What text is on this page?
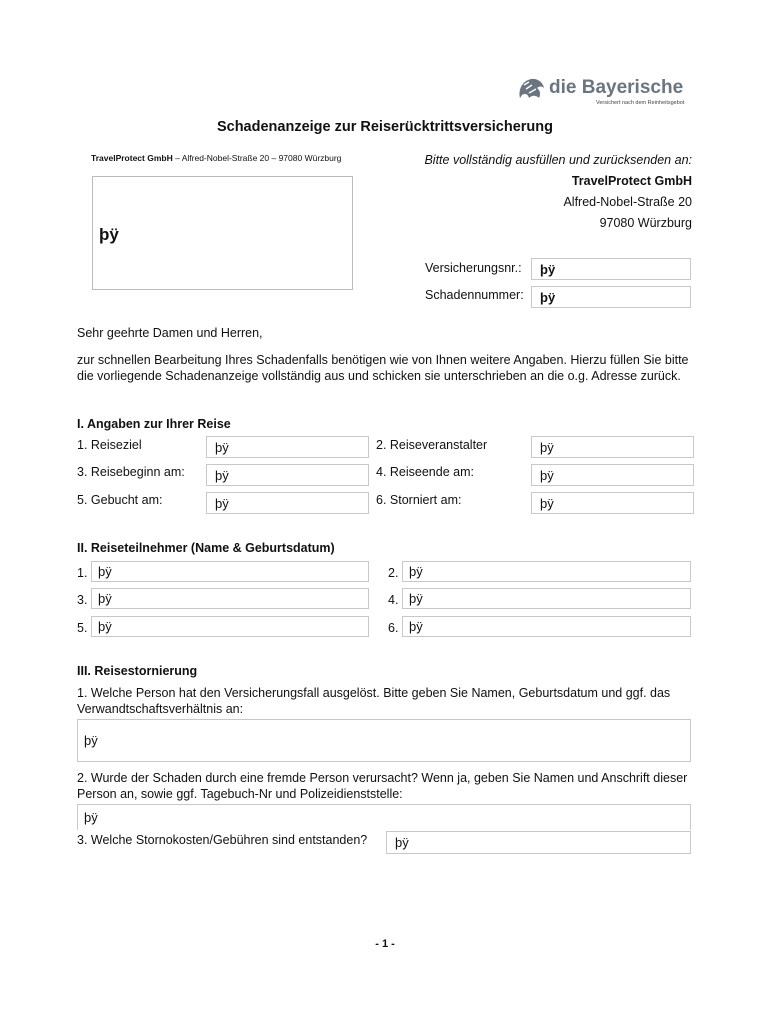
die Bayerische
Versichert nach dem Reinheitsgebot
Schadenanzeige zur Reiserücktrittsversicherung
TravelProtect GmbH – Alfred-Nobel-Straße 20 – 97080 Würzburg
þÿ
Bitte vollständig ausfüllen und zurücksenden an:
TravelProtect GmbH
Alfred-Nobel-Straße 20
97080 Würzburg
Versicherungsnr.: þÿ
Schadennummer: þÿ
Sehr geehrte Damen und Herren,
zur schnellen Bearbeitung Ihres Schadenfalls benötigen wie von Ihnen weitere Angaben. Hierzu füllen Sie bitte die vorliegende Schadenanzeige vollständig aus und schicken sie unterschrieben an die o.g. Adresse zurück.
I. Angaben zur Ihrer Reise
1. Reiseziel	þÿ	2. Reiseveranstalter	þÿ
3. Reisebeginn am: þÿ	4. Reiseende am:	þÿ
5. Gebucht am:	þÿ	6. Storniert am:	þÿ
II. Reiseteilnehmer (Name & Geburtsdatum)
1. þÿ	2. þÿ
3. þÿ	4. þÿ
5. þÿ	6. þÿ
III. Reisestornierung
1. Welche Person hat den Versicherungsfall ausgelöst. Bitte geben Sie Namen, Geburtsdatum und ggf. das Verwandtschaftsverhältnis an:
þÿ
2. Wurde der Schaden durch eine fremde Person verursacht? Wenn ja, geben Sie Namen und Anschrift dieser Person an, sowie ggf. Tagebuch-Nr und Polizeidienststelle:
þÿ
3. Welche Stornokosten/Gebühren sind entstanden? þÿ
- 1 -
